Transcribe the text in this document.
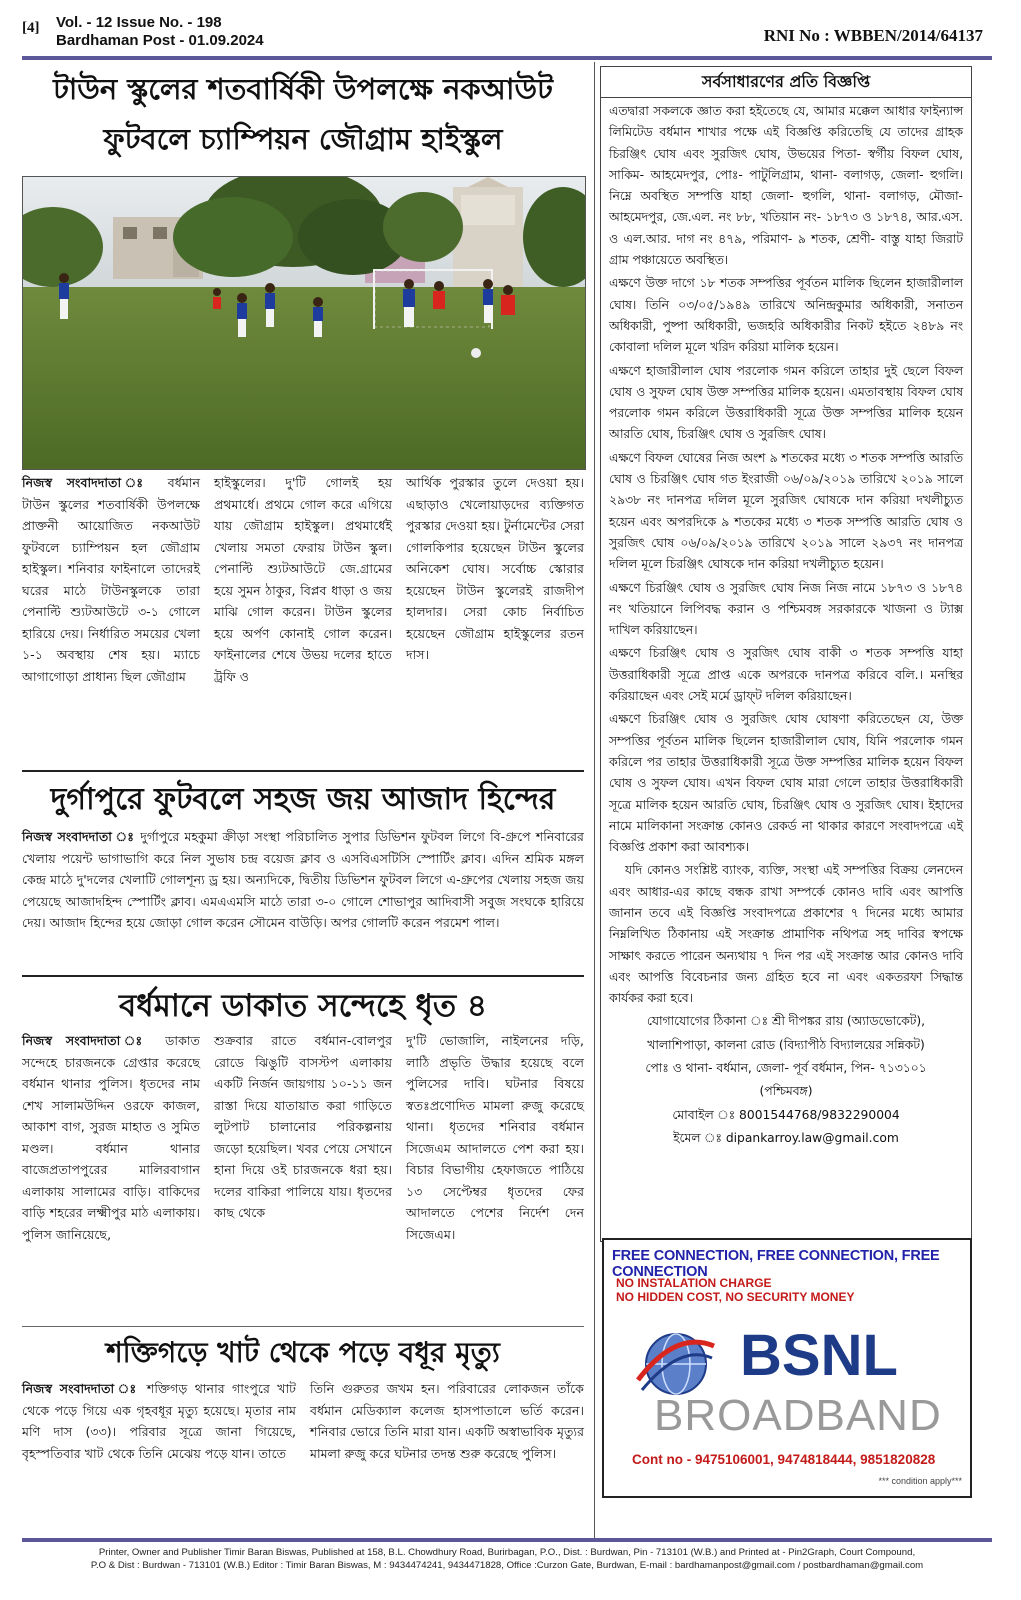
[4] Vol. - 12 Issue No. - 198
Bardhaman Post - 01.09.2024	RNI No : WBBEN/2014/64137
টাউন স্কুলের শতবার্ষিকী উপলক্ষে নকআউট
ফুটবলে চ্যাম্পিয়ন জৌগ্রাম হাইস্কুল
নিজস্ব সংবাদদাতা ঃ বর্ধমান টাউন স্কুলের শতবার্ষিকী উপলক্ষে প্রাক্তনী আয়োজিত নকআউট ফুটবলে চ্যাম্পিয়ন হল জৌগ্রাম হাইস্কুল। শনিবার ফাইনালে তাদেরই ঘরের মাঠে টাউনস্কুলকে তারা পেনাল্টি শ্যুটআউটে ৩-১ গোলে হারিয়ে দেয়। নির্ধারিত সময়ের খেলা ১-১ অবস্থায় শেষ হয়। ম্যাচে আগাগোড়া প্রাধান্য ছিল জৌগ্রাম
হাইস্কুলের। দু'টি গোলই হয় প্রথমার্ধে। প্রথমে গোল করে এগিয়ে যায় জৌগ্রাম হাইস্কুল। প্রথমার্ধেই খেলায় সমতা ফেরায় টাউন স্কুল। পেনাল্টি শ্যুটআউটে জে.গ্রামের হয়ে সুমন ঠাকুর, বিপ্লব ধাড়া ও জয় মাঝি গোল করেন। টাউন স্কুলের হয়ে অর্পণ কোনাই গোল করেন। ফাইনালের শেষে উভয় দলের হাতে ট্রফি ও
আর্থিক পুরস্কার তুলে দেওয়া হয়। এছাড়াও খেলোয়াড়দের ব্যক্তিগত পুরস্কার দেওয়া হয়। টুর্নামেন্টের সেরা গোলকিপার হয়েছেন টাউন স্কুলের অনিকেশ ঘোষ। সর্বোচ্চ স্কোরার হয়েছেন টাউন স্কুলেরই রাজদীপ হালদার। সেরা কোচ নির্বাচিত হয়েছেন জৌগ্রাম হাইস্কুলের রতন দাস।
দুর্গাপুরে ফুটবলে সহজ জয় আজাদ হিন্দের
নিজস্ব সংবাদদাতা ঃ দুর্গাপুরে মহকুমা ক্রীড়া সংস্থা পরিচালিত সুপার ডিভিশন ফুটবল লিগে বি-গ্রুপে শনিবারের খেলায় পয়েন্ট ভাগাভাগি করে নিল সুভাষ চন্দ্র বয়েজ ক্লাব ও এসবিএসটিসি স্পোর্টিং ক্লাব। এদিন শ্রমিক মঙ্গল কেন্দ্র মাঠে দু'দলের খেলাটি গোলশূন্য ড্র হয়। অন্যদিকে, দ্বিতীয় ডিভিশন ফুটবল লিগে এ-গ্রুপের খেলায় সহজ জয় পেয়েছে আজাদহিন্দ স্পোর্টিং ক্লাব। এমএএমসি মাঠে তারা ৩-০ গোলে শোভাপুর আদিবাসী সবুজ সংঘকে হারিয়ে দেয়। আজাদ হিন্দের হয়ে জোড়া গোল করেন সৌমেন বাউড়ি। অপর গোলটি করেন পরমেশ পাল।
বর্ধমানে ডাকাত সন্দেহে ধৃত ৪
নিজস্ব সংবাদদাতা ঃ ডাকাত সন্দেহে চারজনকে গ্রেপ্তার করেছে বর্ধমান থানার পুলিস। ধৃতদের নাম শেখ সালামউদ্দিন ওরফে কাজল, আকাশ বাগ, সুরজ মাহাত ও সুমিত মণ্ডল। বর্ধমান থানার বাজেপ্রতাপপুরের মালিরবাগান এলাকায় সালামের বাড়ি। বাকিদের বাড়ি শহরের লক্ষ্মীপুর মাঠ এলাকায়। পুলিস জানিয়েছে,
শুক্রবার রাতে বর্ধমান-বোলপুর রোডে ঝিঙুটি বাসস্টপ এলাকায় একটি নির্জন জায়গায় ১০-১১ জন রাস্তা দিয়ে যাতায়াত করা গাড়িতে লুটপাট চালানোর পরিকল্পনায় জড়ো হয়েছিল। খবর পেয়ে সেখানে হানা দিয়ে ওই চারজনকে ধরা হয়। দলের বাকিরা পালিয়ে যায়। ধৃতদের কাছ থেকে
দু'টি ভোজালি, নাইলনের দড়ি, লাঠি প্রভৃতি উদ্ধার হয়েছে বলে পুলিসের দাবি। ঘটনার বিষয়ে স্বতঃপ্রণোদিত মামলা রুজু করেছে থানা। ধৃতদের শনিবার বর্ধমান সিজেএম আদালতে পেশ করা হয়। বিচার বিভাগীয় হেফাজতে পাঠিয়ে ১৩ সেপ্টেম্বর ধৃতদের ফের আদালতে পেশের নির্দেশ দেন সিজেএম।
শক্তিগড়ে খাট থেকে পড়ে বধূর মৃত্যু
নিজস্ব সংবাদদাতা ঃ শক্তিগড় থানার গাংপুরে খাট থেকে পড়ে গিয়ে এক গৃহবধূর মৃত্যু হয়েছে। মৃতার নাম মণি দাস (৩৩)। পরিবার সূত্রে জানা গিয়েছে, বৃহস্পতিবার খাট থেকে তিনি মেঝেয় পড়ে যান। তাতে
তিনি গুরুতর জখম হন। পরিবারের লোকজন তাঁকে বর্ধমান মেডিক্যাল কলেজ হাসপাতালে ভর্তি করেন। শনিবার ভোরে তিনি মারা যান। একটি অস্বাভাবিক মৃত্যুর মামলা রুজু করে ঘটনার তদন্ত শুরু করেছে পুলিস।
সর্বসাধারণের প্রতি বিজ্ঞপ্তি

এতদ্বারা সকলকে জ্ঞাত করা হইতেছে যে, আমার মক্কেল আধার ফাইন্যান্স লিমিটেড বর্ধমান শাখার পক্ষে এই বিজ্ঞপ্তি করিতেছি যে তাদের গ্রাহক চিরঞ্জিৎ ঘোষ এবং সুরজিৎ ঘোষ, উভয়ের পিতা- স্বর্গীয় বিফল ঘোষ, সাকিম- আহমেদপুর, পোঃ- পাটুলিগ্রাম, থানা- বলাগড়, জেলা- হুগলি। নিম্নে অবস্থিত সম্পত্তি যাহা জেলা- হুগলি, থানা- বলাগড়, মৌজা- আহমেদপুর, জে.এল. নং ৮৮, খতিয়ান নং- ১৮৭৩ ও ১৮৭৪, আর.এস. ও এল.আর. দাগ নং ৪৭৯, পরিমাণ- ৯ শতক, শ্রেণী- বাস্তু যাহা জিরাট গ্রাম পঞ্চায়েতে অবস্থিত।

এক্ষণে উক্ত দাগে ১৮ শতক সম্পত্তির পূর্বতন মালিক ছিলেন হাজারীলাল ঘোষ। তিনি ০৩/০৫/১৯৪৯ তারিখে অনিন্দ্রকুমার অধিকারী, সনাতন অধিকারী, পুষ্পা অধিকারী, ভজহরি অধিকারীর নিকট হইতে ২৪৮৯ নং কোবালা দলিল মূলে খরিদ করিয়া মালিক হয়েন।

এক্ষণে হাজারীলাল ঘোষ পরলোক গমন করিলে তাহার দুই ছেলে বিফল ঘোষ ও সুফল ঘোষ উক্ত সম্পত্তির মালিক হয়েন। এমতাবস্থায় বিফল ঘোষ পরলোক গমন করিলে উত্তরাধিকারী সূত্রে উক্ত সম্পত্তির মালিক হয়েন আরতি ঘোষ, চিরঞ্জিৎ ঘোষ ও সুরজিৎ ঘোষ।

এক্ষণে বিফল ঘোষের নিজ অংশ ৯ শতকের মধ্যে ৩ শতক সম্পত্তি আরতি ঘোষ ও চিরঞ্জিৎ ঘোষ গত ইংরাজী ০৬/০৯/২০১৯ তারিখে ২০১৯ সালে ২৯৩৮ নং দানপত্র দলিল মূলে সুরজিৎ ঘোষকে দান করিয়া দখলীচ্যুত হয়েন এবং অপরদিকে ৯ শতকের মধ্যে ৩ শতক সম্পত্তি আরতি ঘোষ ও সুরজিৎ ঘোষ ০৬/০৯/২০১৯ তারিখে ২০১৯ সালে ২৯৩৭ নং দানপত্র দলিল মূলে চিরঞ্জিৎ ঘোষকে দান করিয়া দখলীচ্যুত হয়েন।

এক্ষণে চিরঞ্জিৎ ঘোষ ও সুরজিৎ ঘোষ নিজ নিজ নামে ১৮৭৩ ও ১৮৭৪ নং খতিয়ানে লিপিবদ্ধ করান ও পশ্চিমবঙ্গ সরকারকে খাজনা ও ট্যাক্স দাখিল করিয়াছেন।

এক্ষণে চিরঞ্জিৎ ঘোষ ও সুরজিৎ ঘোষ বাকী ৩ শতক সম্পত্তি যাহা উত্তরাধিকারী সূত্রে প্রাপ্ত একে অপরকে দানপত্র করিবে বলি.। মনস্থির করিয়াছেন এবং সেই মর্মে ড্রাফ্‌ট দলিল করিয়াছেন।

এক্ষণে চিরঞ্জিৎ ঘোষ ও সুরজিৎ ঘোষ ঘোষণা করিতেছেন যে, উক্ত সম্পত্তির পূর্বতন মালিক ছিলেন হাজারীলাল ঘোষ, যিনি পরলোক গমন করিলে পর তাহার উত্তরাধিকারী সূত্রে উক্ত সম্পত্তির মালিক হয়েন বিফল ঘোষ ও সুফল ঘোষ। এখন বিফল ঘোষ মারা গেলে তাহার উত্তরাধিকারী সূত্রে মালিক হয়েন আরতি ঘোষ, চিরঞ্জিৎ ঘোষ ও সুরজিৎ ঘোষ। ইহাদের নামে মালিকানা সংক্রান্ত কোনও রেকর্ড না থাকার কারণে সংবাদপত্রে এই বিজ্ঞপ্তি প্রকাশ করা আবশ্যক।

যদি কোনও সংশ্লিষ্ট ব্যাংক, ব্যক্তি, সংস্থা এই সম্পত্তির বিক্রয় লেনদেন এবং আধার-এর কাছে বন্ধক রাখা সম্পর্কে কোনও দাবি এবং আপত্তি জানান তবে এই বিজ্ঞপ্তি সংবাদপত্রে প্রকাশের ৭ দিনের মধ্যে আমার নিম্নলিখিত ঠিকানায় এই সংক্রান্ত প্রামাণিক নথিপত্র সহ দাবির স্বপক্ষে সাক্ষাৎ করতে পারেন অন্যথায় ৭ দিন পর এই সংক্রান্ত আর কোনও দাবি এবং আপত্তি বিবেচনার জন্য গ্রহিত হবে না এবং একতরফা সিদ্ধান্ত কার্যকর করা হবে।

যোগাযোগের ঠিকানা ঃ শ্রী দীপঙ্কর রায় (অ্যাডভোকেট),

খালাশিপাড়া, কালনা রোড (বিদ্যাপীঠ বিদ্যালয়ের সন্নিকট)

পোঃ ও থানা- বর্ধমান, জেলা- পূর্ব বর্ধমান, পিন- ৭১৩১০১

(পশ্চিমবঙ্গ)

মোবাইল ঃ 8001544768/9832290004

ইমেল ঃ dipankarroy.law@gmail.com

FREE CONNECTION, FREE CONNECTION, FREE CONNECTION
NO INSTALATION CHARGE
NO HIDDEN COST, NO SECURITY MONEY
BSNL
BROADBAND
Cont no - 9475106001, 9474818444, 9851820828
*** condition apply***
Printer, Owner and Publisher Timir Baran Biswas, Published at 158, B.L. Chowdhury Road, Burirbagan, P.O., Dist. : Burdwan, Pin - 713101 (W.B.) and Printed at - Pin2Graph, Court Compound,
P.O & Dist : Burdwan - 713101 (W.B.) Editor : Timir Baran Biswas, M : 9434474241, 9434471828, Office :Curzon Gate, Burdwan, E-mail : bardhamanpost@gmail.com / postbardhaman@gmail.com
